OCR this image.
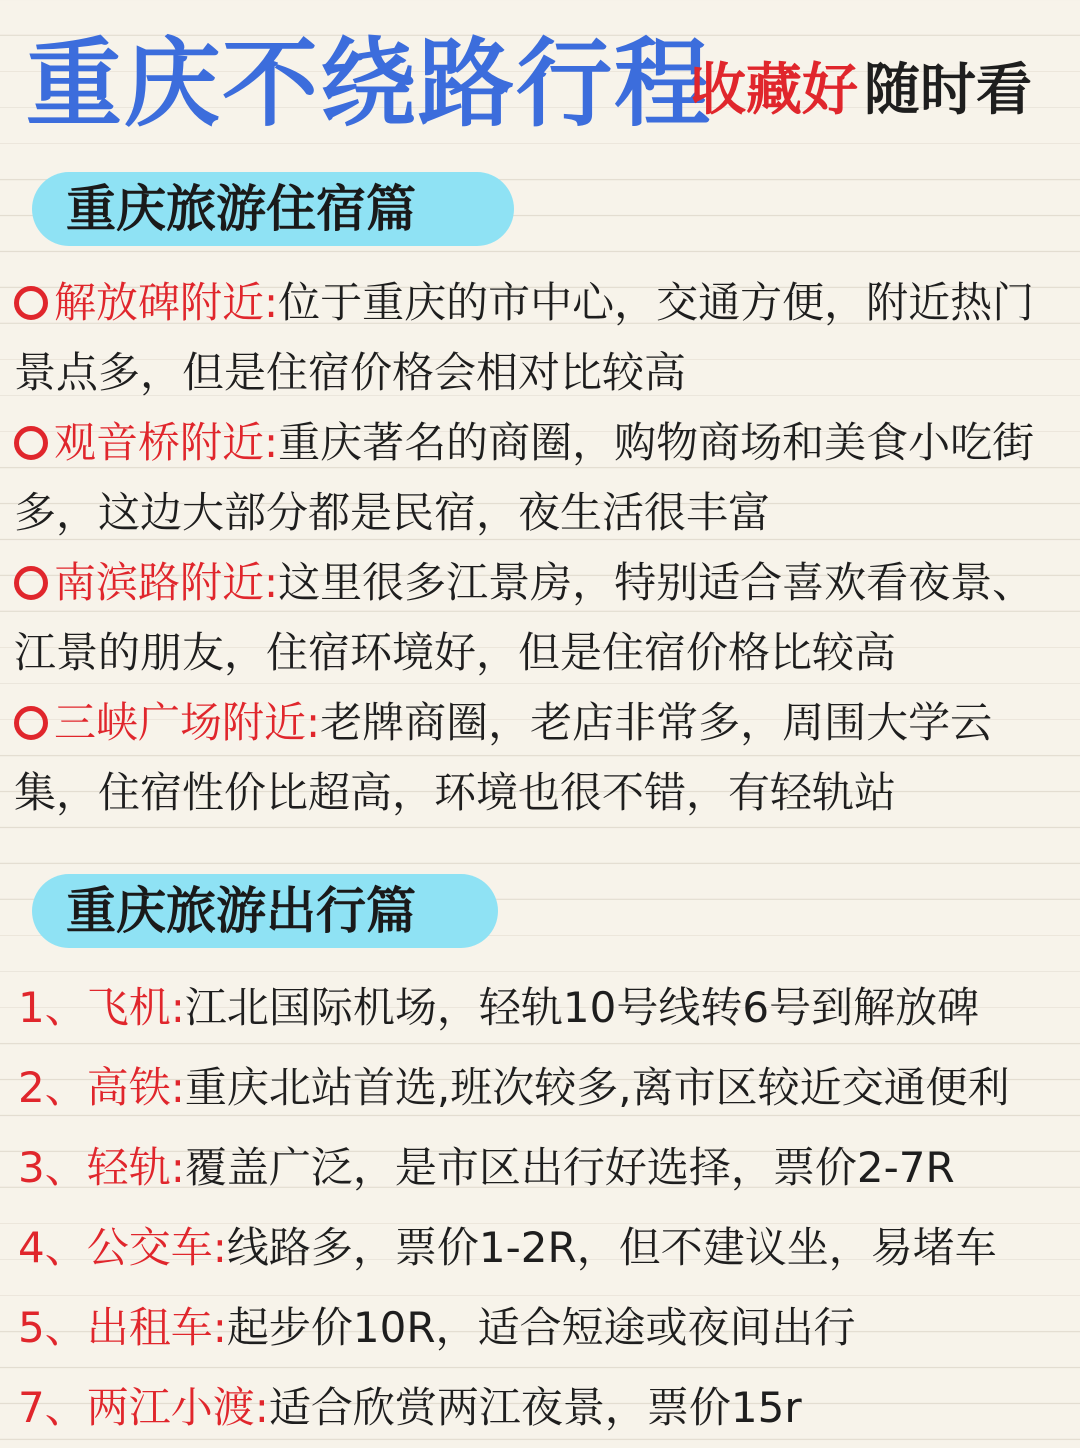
重庆不绕路行程
收藏好 随时看
重庆旅游住宿篇
解放碑附近:位于重庆的市中心，交通方便，附近热门景点多，但是住宿价格会相对比较高
观音桥附近:重庆著名的商圈，购物商场和美食小吃街多，这边大部分都是民宿，夜生活很丰富
南滨路附近:这里很多江景房，特别适合喜欢看夜景、江景的朋友，住宿环境好，但是住宿价格比较高
三峡广场附近:老牌商圈，老店非常多，周围大学云集，住宿性价比超高，环境也很不错，有轻轨站
重庆旅游出行篇
1、飞机:江北国际机场，轻轨10号线转6号到解放碑
2、高铁:重庆北站首选,班次较多,离市区较近交通便利
3、轻轨:覆盖广泛，是市区出行好选择，票价2-7R
4、公交车:线路多，票价1-2R，但不建议坐，易堵车
5、出租车:起步价10R，适合短途或夜间出行
7、两江小渡:适合欣赏两江夜景，票价15r
